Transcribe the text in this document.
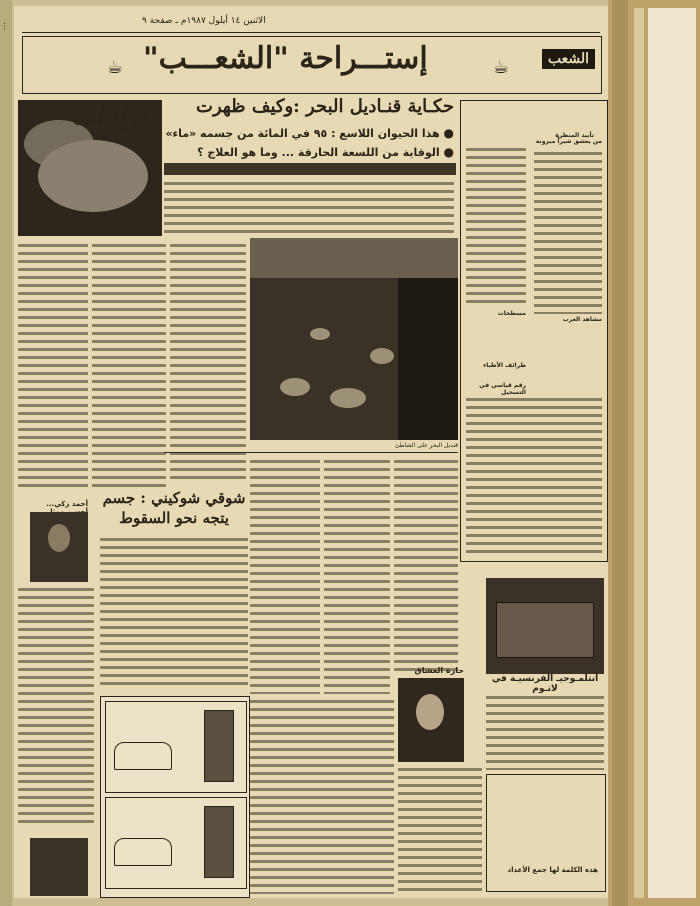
...
الاثنين ١٤ أيلول ١٩٨٧م ـ صفحة ٩
الشعب
☕
إستـــراحة "الشعـــب"
☕
حكـاية قنـاديل البحر :وكيف ظهرت
● هذا الحيوان اللاسع : ٩٥ في المائة من جسمه «ماء»
● الوقاية من اللسعة الحارقة ... وما هو العلاج ؟
قنديل البحر على الشاطئ
تراثيات
تأبيد المنظرة
من يعشق شيراً ميزونة
مسطحات
طرائف الأطباء
رقم قياسي في التسجيل
مشاهد العرب
شوقي شوكيني : جسم يتجه نحو السقوط
أحمد زكي...
حارة العشاق
أنتلمـوجيـ الفرنسيـة في لاتـوم
هذه الكلمة لها جمع الأعداد
